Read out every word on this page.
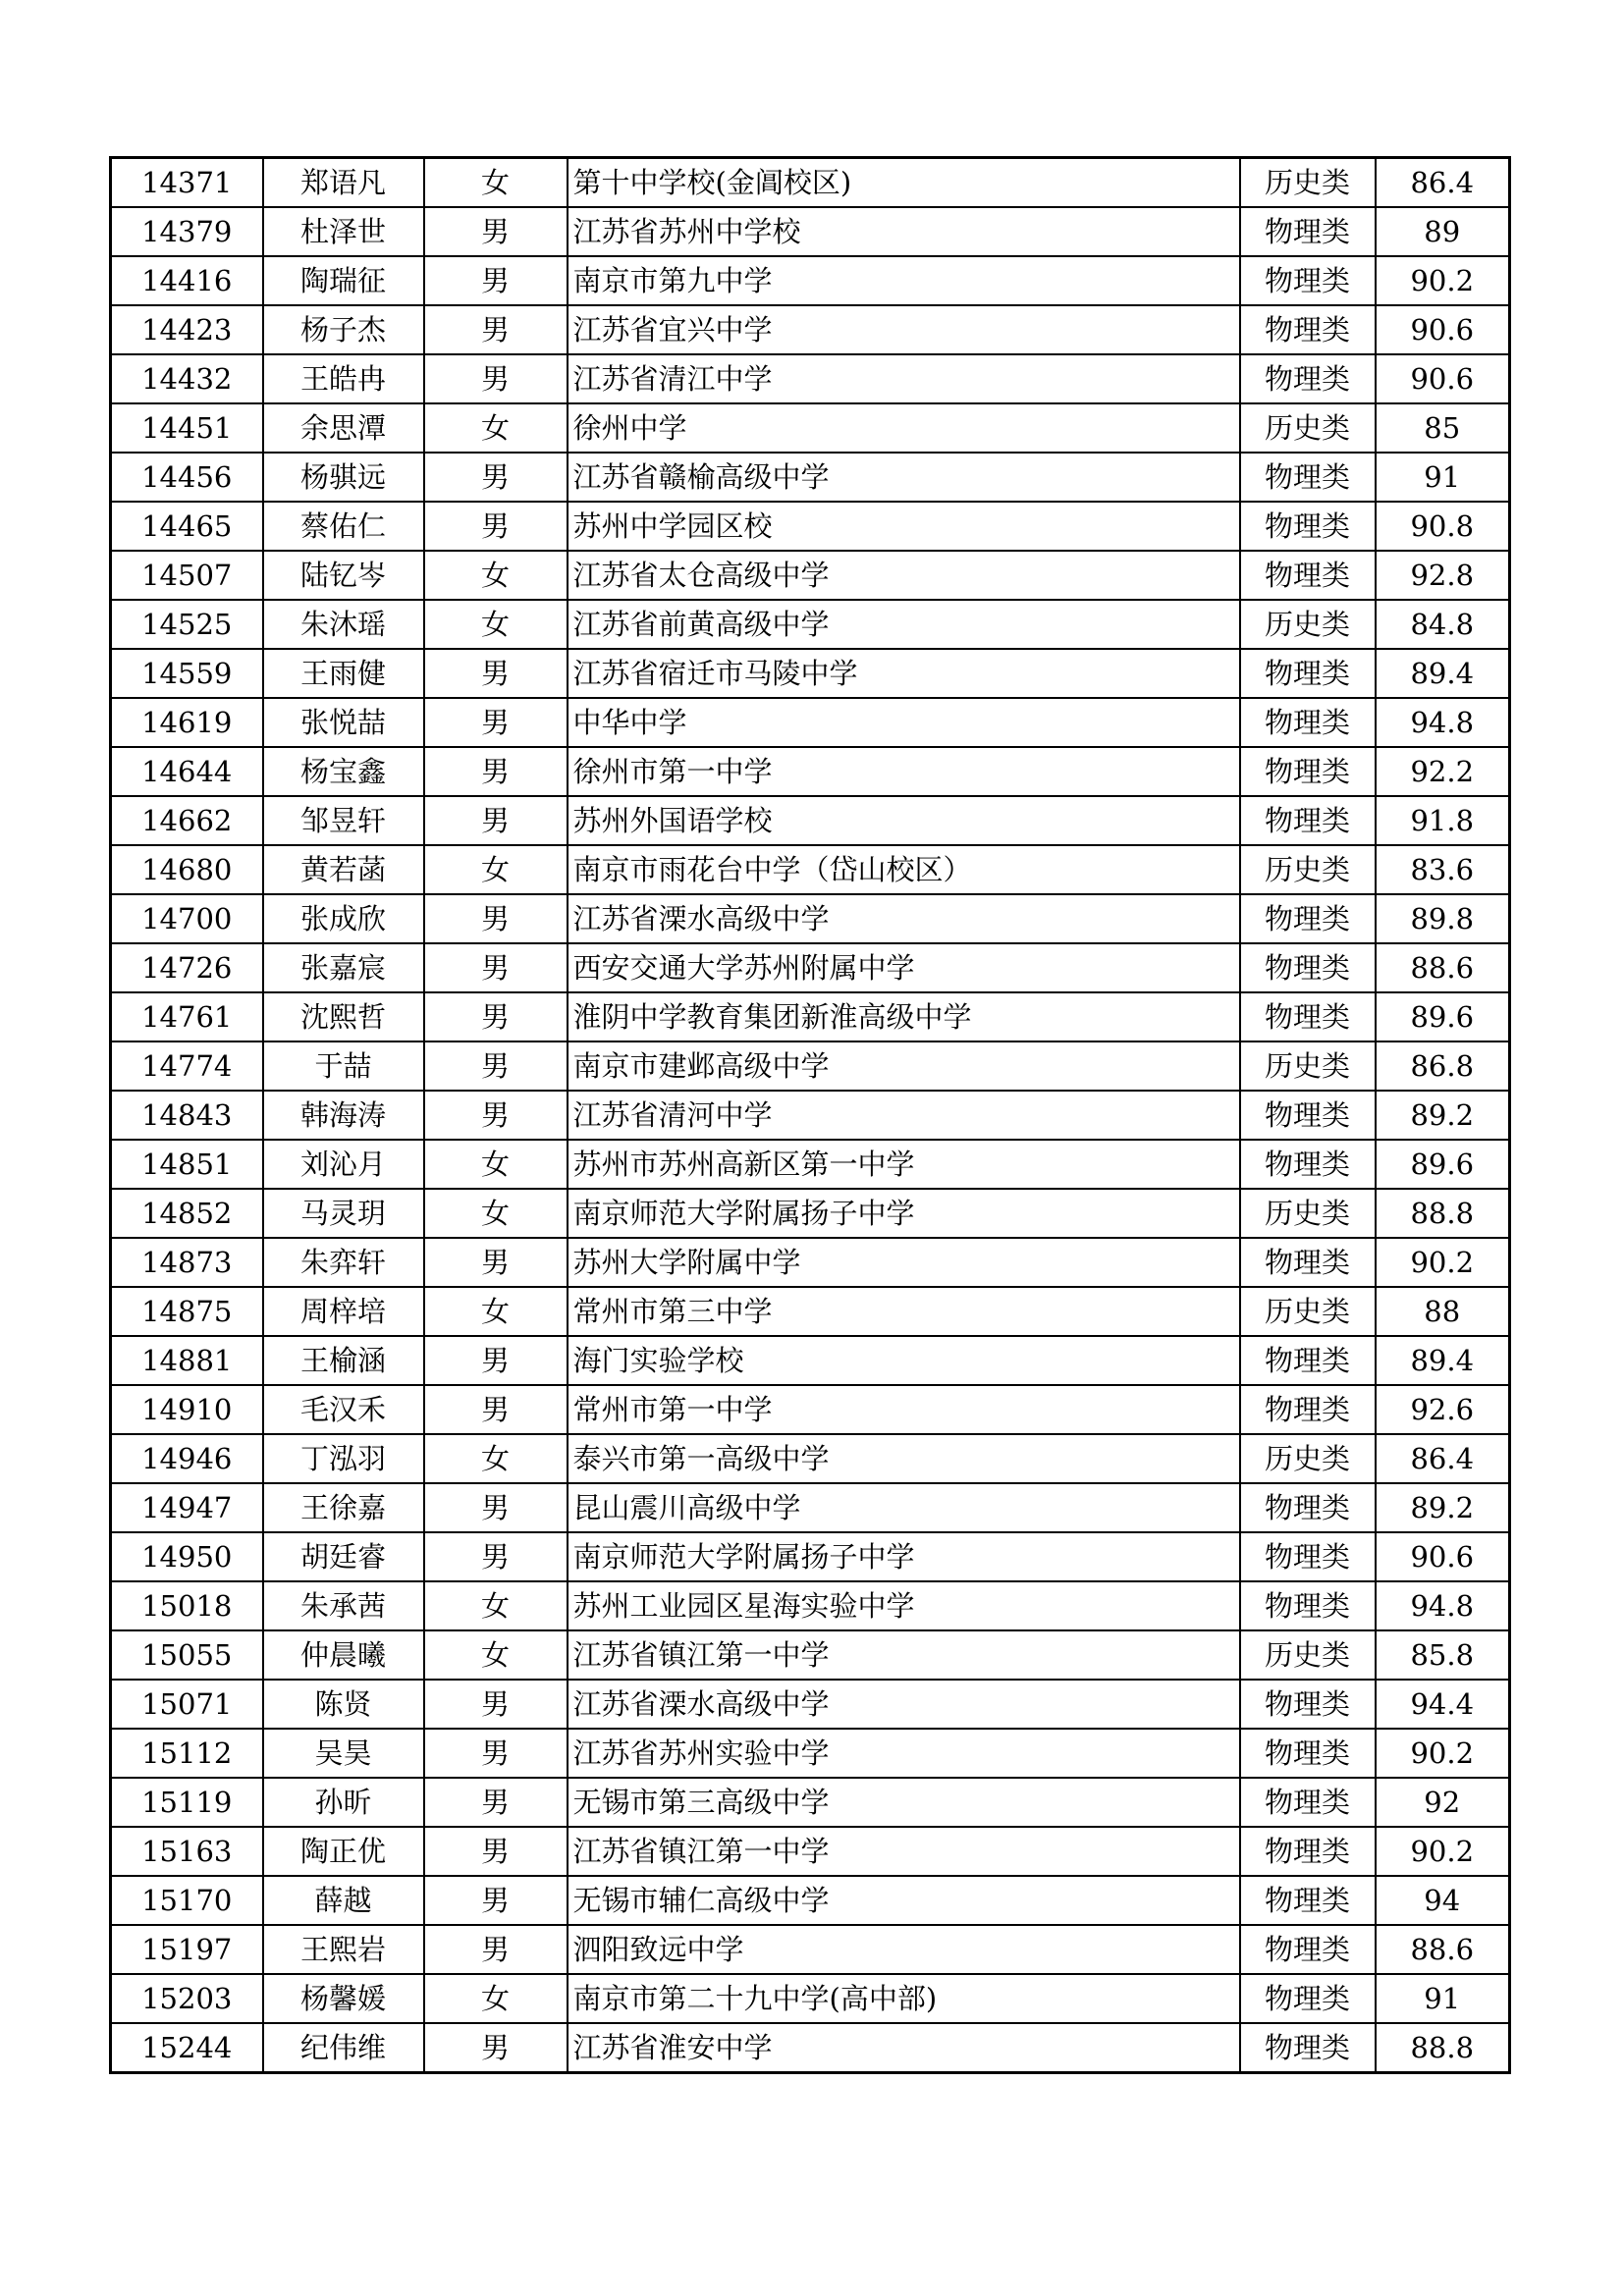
14371	郑语凡	女	第十中学校(金阊校区)	历史类	86.4
14379	杜泽世	男	江苏省苏州中学校	物理类	89
14416	陶瑞征	男	南京市第九中学	物理类	90.2
14423	杨子杰	男	江苏省宜兴中学	物理类	90.6
14432	王皓冉	男	江苏省清江中学	物理类	90.6
14451	余思潭	女	徐州中学	历史类	85
14456	杨骐远	男	江苏省赣榆高级中学	物理类	91
14465	蔡佑仁	男	苏州中学园区校	物理类	90.8
14507	陆钇岑	女	江苏省太仓高级中学	物理类	92.8
14525	朱沐瑶	女	江苏省前黄高级中学	历史类	84.8
14559	王雨健	男	江苏省宿迁市马陵中学	物理类	89.4
14619	张悦喆	男	中华中学	物理类	94.8
14644	杨宝鑫	男	徐州市第一中学	物理类	92.2
14662	邹昱轩	男	苏州外国语学校	物理类	91.8
14680	黄若菡	女	南京市雨花台中学（岱山校区）	历史类	83.6
14700	张成欣	男	江苏省溧水高级中学	物理类	89.8
14726	张嘉宸	男	西安交通大学苏州附属中学	物理类	88.6
14761	沈熙哲	男	淮阴中学教育集团新淮高级中学	物理类	89.6
14774	于喆	男	南京市建邺高级中学	历史类	86.8
14843	韩海涛	男	江苏省清河中学	物理类	89.2
14851	刘沁月	女	苏州市苏州高新区第一中学	物理类	89.6
14852	马灵玥	女	南京师范大学附属扬子中学	历史类	88.8
14873	朱弈轩	男	苏州大学附属中学	物理类	90.2
14875	周梓培	女	常州市第三中学	历史类	88
14881	王榆涵	男	海门实验学校	物理类	89.4
14910	毛汉禾	男	常州市第一中学	物理类	92.6
14946	丁泓羽	女	泰兴市第一高级中学	历史类	86.4
14947	王徐嘉	男	昆山震川高级中学	物理类	89.2
14950	胡廷睿	男	南京师范大学附属扬子中学	物理类	90.6
15018	朱承茜	女	苏州工业园区星海实验中学	物理类	94.8
15055	仲晨曦	女	江苏省镇江第一中学	历史类	85.8
15071	陈贤	男	江苏省溧水高级中学	物理类	94.4
15112	吴昊	男	江苏省苏州实验中学	物理类	90.2
15119	孙昕	男	无锡市第三高级中学	物理类	92
15163	陶正优	男	江苏省镇江第一中学	物理类	90.2
15170	薛越	男	无锡市辅仁高级中学	物理类	94
15197	王熙岩	男	泗阳致远中学	物理类	88.6
15203	杨馨媛	女	南京市第二十九中学(高中部)	物理类	91
15244	纪伟维	男	江苏省淮安中学	物理类	88.8
